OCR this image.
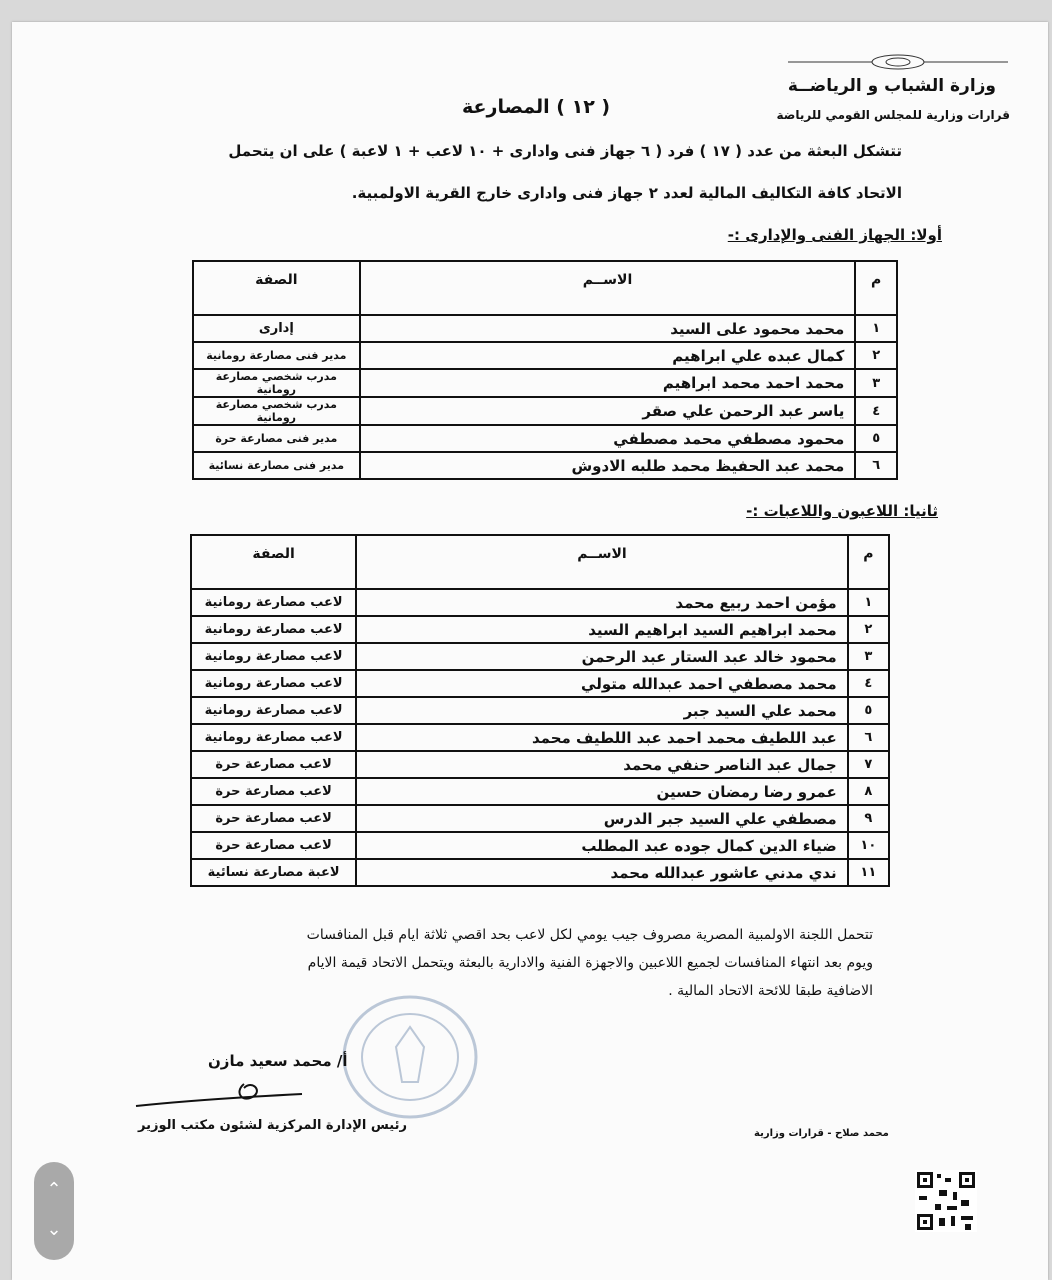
وزارة الشباب و الرياضــة
قرارات وزارية للمجلس القومي للرياضة
( ١٢ ) المصارعة
تتشكل البعثة من عدد ( ١٧ ) فرد ( ٦ جهاز فنى وادارى + ١٠ لاعب + ١ لاعبة ) على ان يتحمل
الاتحاد كافة التكاليف المالية لعدد ٢ جهاز فنى وادارى خارج القرية الاولمبية.
أولا: الجهاز الفنى والإدارى :-
م	الاســم	الصفة
١	محمد محمود على السيد	إدارى
٢	كمال عبده علي ابراهيم	مدير فنى مصارعة رومانية
٣	محمد احمد محمد ابراهيم	مدرب شخصي مصارعة رومانية
٤	ياسر عبد الرحمن علي صقر	مدرب شخصي مصارعة رومانية
٥	محمود مصطفي محمد مصطفي	مدير فنى مصارعة حرة
٦	محمد عبد الحفيظ محمد طلبه الادوش	مدير فنى مصارعة نسائية
ثانيا: اللاعبون واللاعبات :-
م	الاســم	الصفة
١	مؤمن احمد ربيع محمد	لاعب مصارعة رومانية
٢	محمد ابراهيم السيد ابراهيم السيد	لاعب مصارعة رومانية
٣	محمود خالد عبد الستار عبد الرحمن	لاعب مصارعة رومانية
٤	محمد مصطفي احمد عبدالله متولي	لاعب مصارعة رومانية
٥	محمد علي السيد جبر	لاعب مصارعة رومانية
٦	عبد اللطيف محمد احمد عبد اللطيف محمد	لاعب مصارعة رومانية
٧	جمال عبد الناصر حنفي محمد	لاعب مصارعة حرة
٨	عمرو رضا رمضان حسين	لاعب مصارعة حرة
٩	مصطفي علي السيد جبر الدرس	لاعب مصارعة حرة
١٠	ضياء الدين كمال جوده عبد المطلب	لاعب مصارعة حرة
١١	ندي مدني عاشور عبدالله محمد	لاعبة مصارعة نسائية
تتحمل اللجنة الاولمبية المصرية مصروف جيب يومي لكل لاعب بحد اقصي ثلاثة ايام قبل المنافسات
ويوم بعد انتهاء المنافسات لجميع اللاعبين والاجهزة الفنية والادارية بالبعثة ويتحمل الاتحاد قيمة الايام
الاضافية طبقا للائحة الاتحاد المالية .
أ/ محمد سعيد مازن
رئيس الإدارة المركزية لشئون مكتب الوزير
محمد صلاح - قرارات وزارية
⌃
⌄
